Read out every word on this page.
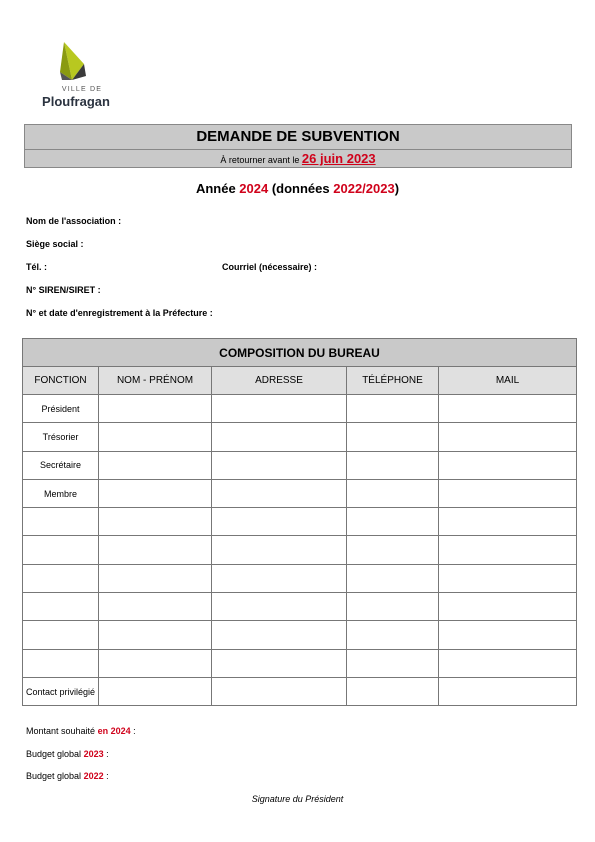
VILLE DE
Ploufragan
DEMANDE DE SUBVENTION
À retourner avant le 26 juin 2023
Année 2024 (données 2022/2023)
Nom de l'association :
Siège social :
Tél. :	Courriel (nécessaire) :
N° SIREN/SIRET :
N° et date d'enregistrement à la Préfecture :
COMPOSITION DU BUREAU				
FONCTION	NOM - PRÉNOM	ADRESSE	TÉLÉPHONE	MAIL
Président				
Trésorier				
Secrétaire				
Membre				

Contact privilégié				
Montant souhaité en 2024 :
Budget global 2023 :
Budget global 2022 :
Signature du Président
